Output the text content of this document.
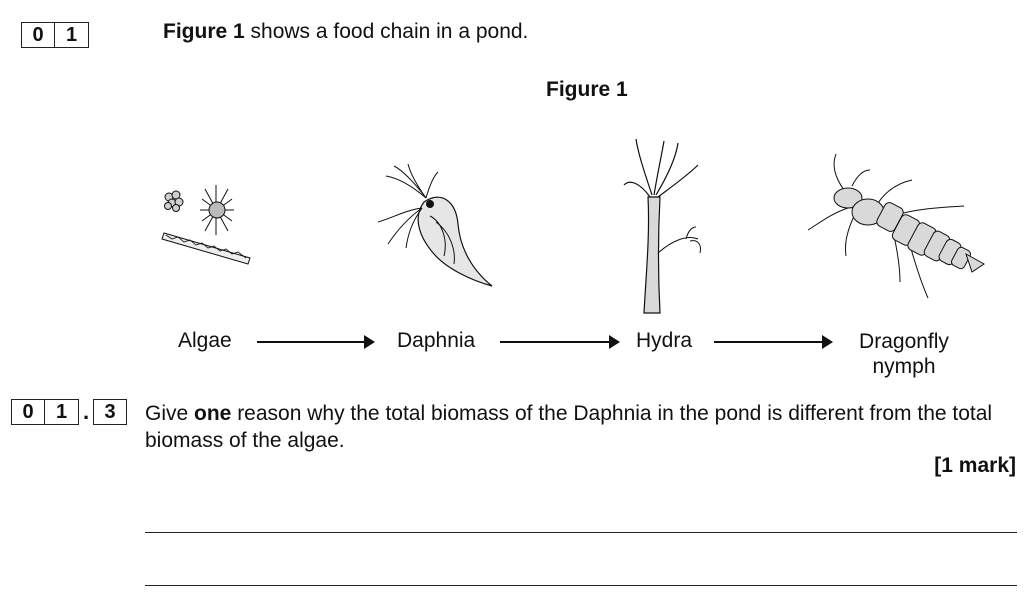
0	1	Figure 1 shows a food chain in a pond.
Figure 1
Algae	Daphnia	Hydra	Dragonfly
nymph
0	1 . 3	Give one reason why the total biomass of the Daphnia in the pond is different from the total biomass of the algae.
[1 mark]
